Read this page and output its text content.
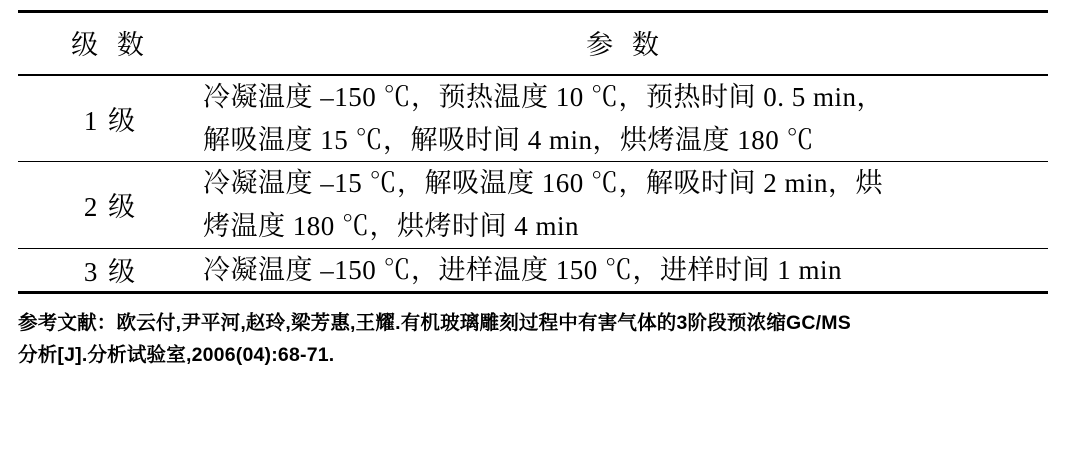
级 数	参 数
1 级	冷凝温度 –150 ℃，预热温度 10 ℃，预热时间 0. 5 min，
解吸温度 15 ℃，解吸时间 4 min，烘烤温度 180 ℃

2 级	冷凝温度 –15 ℃，解吸温度 160 ℃，解吸时间 2 min，烘
烤温度 180 ℃，烘烤时间 4 min

3 级	冷凝温度 –150 ℃，进样温度 150 ℃，进样时间 1 min

参考文献：欧云付,尹平河,赵玲,梁芳惠,王耀.有机玻璃雕刻过程中有害气体的3阶段预浓缩GC/MS
分析[J].分析试验室,2006(04):68-71.
